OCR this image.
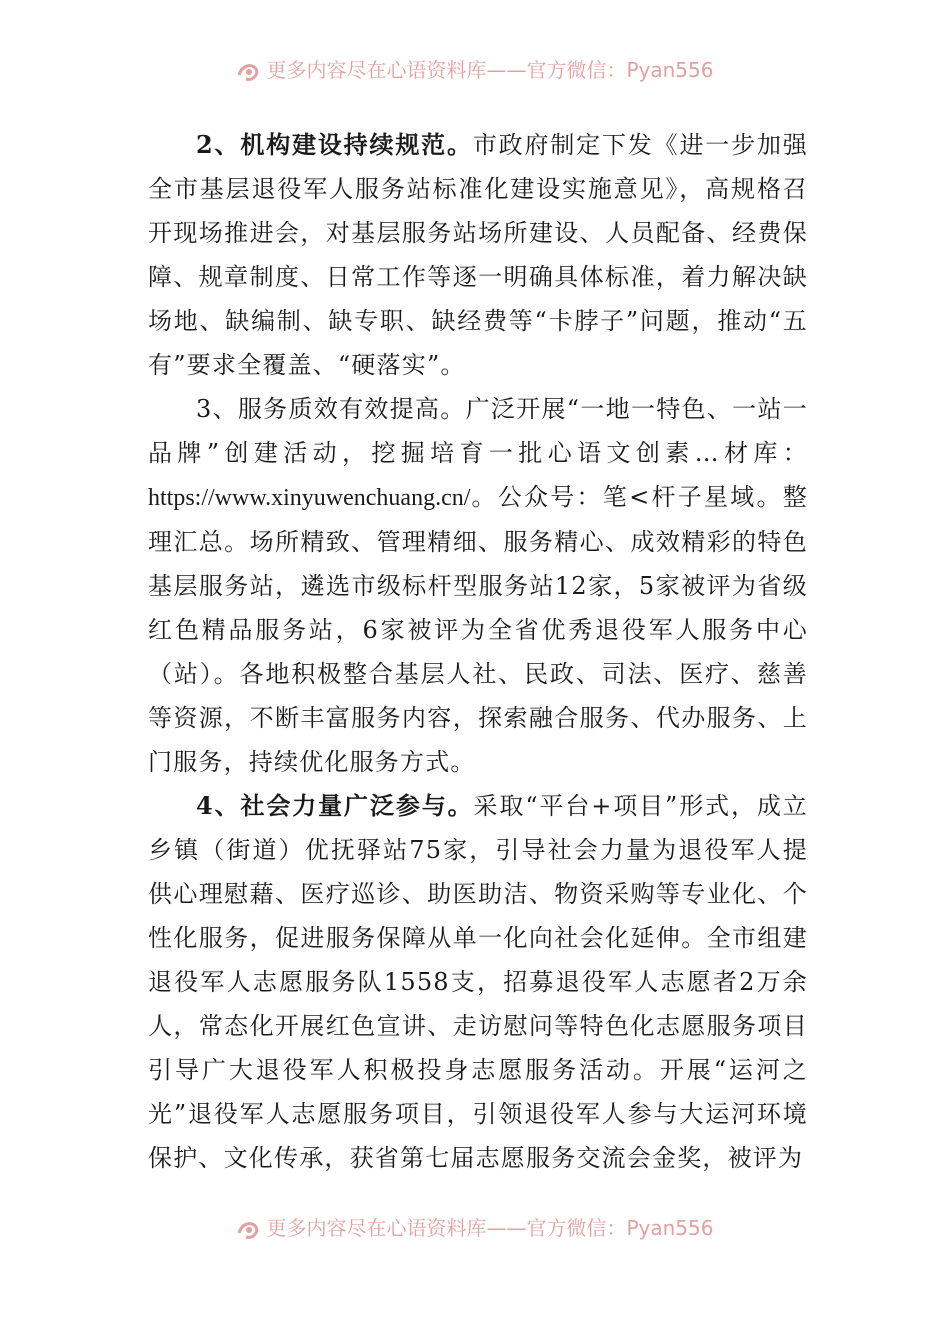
更多内容尽在心语资料库——官方微信：Pyan556

2、机构建设持续规范。市政府制定下发《进一步加强全市基层退役军人服务站标准化建设实施意见》，高规格召开现场推进会，对基层服务站场所建设、人员配备、经费保障、规章制度、日常工作等逐一明确具体标准，着力解决缺场地、缺编制、缺专职、缺经费等“卡脖子”问题，推动“五有”要求全覆盖、“硬落实”。

3、服务质效有效提高。广泛开展“一地一特色、一站一品牌”创建活动，挖掘培育一批心语文创素…材库：https://www.xinyuwenchuang.cn/。公众号：笔<杆子星域。整理汇总。场所精致、管理精细、服务精心、成效精彩的特色基层服务站，遴选市级标杆型服务站12家，5家被评为省级红色精品服务站，6家被评为全省优秀退役军人服务中心（站）。各地积极整合基层人社、民政、司法、医疗、慈善等资源，不断丰富服务内容，探索融合服务、代办服务、上门服务，持续优化服务方式。

4、社会力量广泛参与。采取“平台+项目”形式，成立乡镇（街道）优抚驿站75家，引导社会力量为退役军人提供心理慰藉、医疗巡诊、助医助洁、物资采购等专业化、个性化服务，促进服务保障从单一化向社会化延伸。全市组建退役军人志愿服务队1558支，招募退役军人志愿者2万余人，常态化开展红色宣讲、走访慰问等特色化志愿服务项目引导广大退役军人积极投身志愿服务活动。开展“运河之光”退役军人志愿服务项目，引领退役军人参与大运河环境保护、文化传承，获省第七届志愿服务交流会金奖，被评为

更多内容尽在心语资料库——官方微信：Pyan556
